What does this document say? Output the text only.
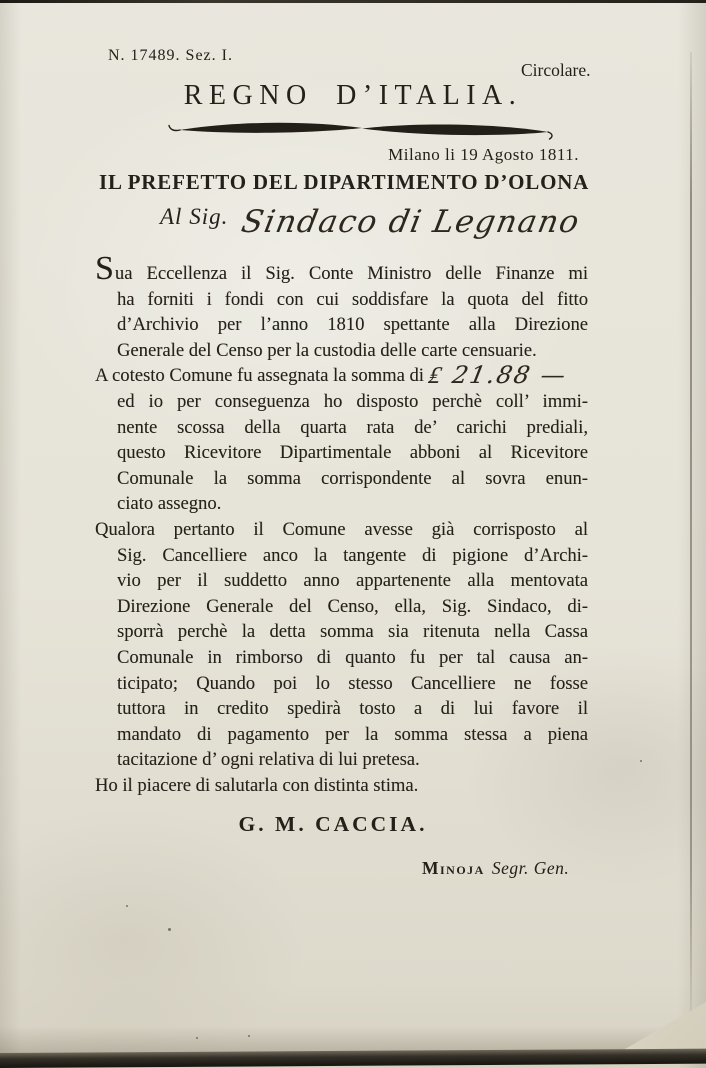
N. 17489. Sez. I.
Circolare.
REGNO D’ITALIA.
Milano li 19 Agosto 1811.
IL PREFETTO DEL DIPARTIMENTO D’OLONA
Al Sig. Sindaco di Legnano
Sua Eccellenza il Sig. Conte Ministro delle Finanze mi
ha forniti i fondi con cui soddisfare la quota del fitto
d’Archivio per l’anno 1810 spettante alla Direzione
Generale del Censo per la custodia delle carte censuarie.
A cotesto Comune fu assegnata la somma di ₤ 21.88 —
ed io per conseguenza ho disposto perchè coll’ immi-
nente scossa della quarta rata de’ carichi prediali,
questo Ricevitore Dipartimentale abboni al Ricevitore
Comunale la somma corrispondente al sovra enun-
ciato assegno.
Qualora pertanto il Comune avesse già corrisposto al
Sig. Cancelliere anco la tangente di pigione d’Archi-
vio per il suddetto anno appartenente alla mentovata
Direzione Generale del Censo, ella, Sig. Sindaco, di-
sporrà perchè la detta somma sia ritenuta nella Cassa
Comunale in rimborso di quanto fu per tal causa an-
ticipato; Quando poi lo stesso Cancelliere ne fosse
tuttora in credito spedirà tosto a di lui favore il
mandato di pagamento per la somma stessa a piena
tacitazione d’ ogni relativa di lui pretesa.
Ho il piacere di salutarla con distinta stima.
G. M. CACCIA.
Minoja Segr. Gen.
